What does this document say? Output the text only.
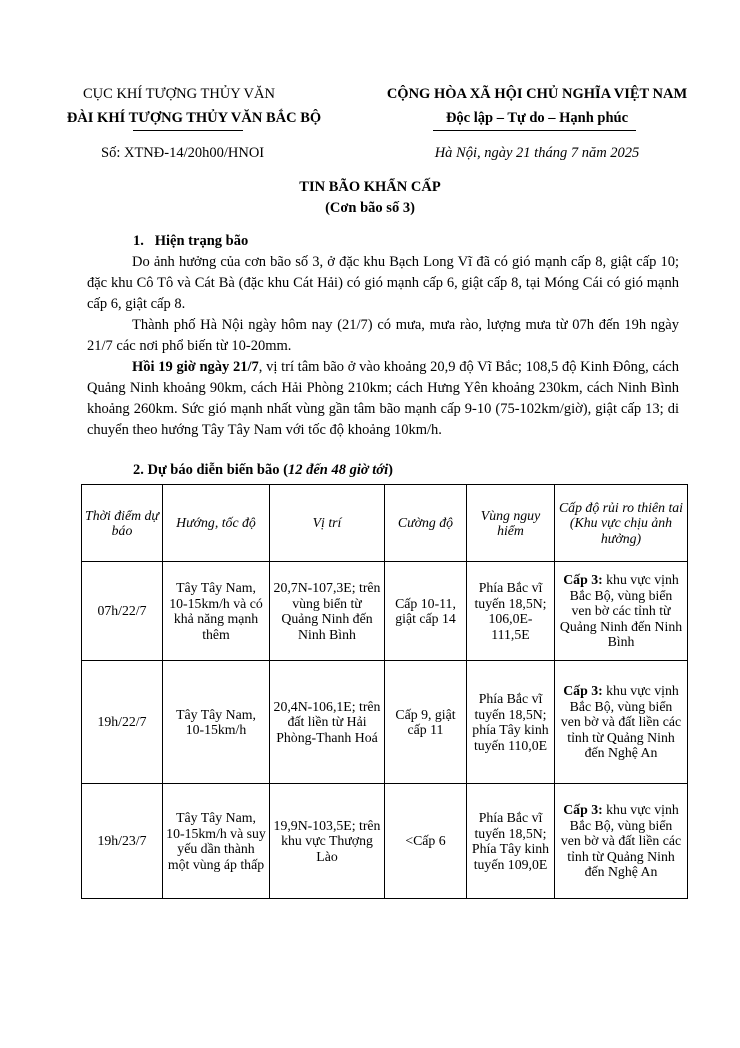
CỤC KHÍ TƯỢNG THỦY VĂN
ĐÀI KHÍ TƯỢNG THỦY VĂN BẮC BỘ
Số: XTNĐ-14/20h00/HNOI
CỘNG HÒA XÃ HỘI CHỦ NGHĨA VIỆT NAM
Độc lập – Tự do – Hạnh phúc
Hà Nội, ngày 21 tháng 7 năm 2025
TIN BÃO KHẨN CẤP
(Cơn bão số 3)
1.   Hiện trạng bão

Do ảnh hưởng của cơn bão số 3, ở đặc khu Bạch Long Vĩ đã có gió mạnh cấp 8, giật cấp 10; đặc khu Cô Tô và Cát Bà (đặc khu Cát Hải) có gió mạnh cấp 6, giật cấp 8, tại Móng Cái có gió mạnh cấp 6, giật cấp 8.

Thành phố Hà Nội ngày hôm nay (21/7) có mưa, mưa rào, lượng mưa từ 07h đến 19h ngày 21/7 các nơi phổ biến từ 10-20mm.

Hồi 19 giờ ngày 21/7, vị trí tâm bão ở vào khoảng 20,9 độ Vĩ Bắc; 108,5 độ Kinh Đông, cách Quảng Ninh khoảng 90km, cách Hải Phòng 210km; cách Hưng Yên khoảng 230km, cách Ninh Bình khoảng 260km. Sức gió mạnh nhất vùng gần tâm bão mạnh cấp 9-10 (75-102km/giờ), giật cấp 13; di chuyển theo hướng Tây Tây Nam với tốc độ khoảng 10km/h.

2. Dự báo diễn biến bão (12 đến 48 giờ tới)
Thời điểm dự báo	Hướng, tốc độ	Vị trí	Cường độ	Vùng nguy hiểm	Cấp độ rủi ro thiên tai (Khu vực chịu ảnh hưởng)
07h/22/7	Tây Tây Nam, 10-15km/h và có khả năng mạnh thêm	20,7N-107,3E; trên vùng biển từ Quảng Ninh đến Ninh Bình	Cấp 10-11, giật cấp 14	Phía Bắc vĩ tuyến 18,5N; 106,0E-111,5E	Cấp 3: khu vực vịnh Bắc Bộ, vùng biển ven bờ các tỉnh từ Quảng Ninh đến Ninh Bình
19h/22/7	Tây Tây Nam, 10-15km/h	20,4N-106,1E; trên đất liền từ Hải Phòng-Thanh Hoá	Cấp 9, giật cấp 11	Phía Bắc vĩ tuyến 18,5N; phía Tây kinh tuyến 110,0E	Cấp 3: khu vực vịnh Bắc Bộ, vùng biển ven bờ và đất liền các tỉnh từ Quảng Ninh đến Nghệ An
19h/23/7	Tây Tây Nam, 10-15km/h và suy yếu dần thành một vùng áp thấp	19,9N-103,5E; trên khu vực Thượng Lào	<Cấp 6	Phía Bắc vĩ tuyến 18,5N; Phía Tây kinh tuyến 109,0E	Cấp 3: khu vực vịnh Bắc Bộ, vùng biển ven bờ và đất liền các tỉnh từ Quảng Ninh đến Nghệ An
